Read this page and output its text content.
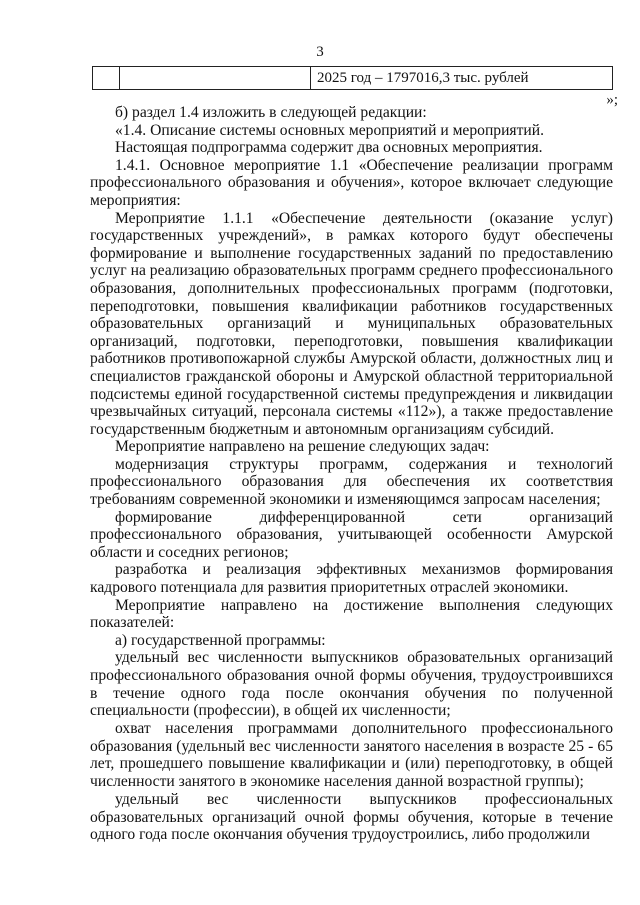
3
		2025 год – 1797016,3 тыс. рублей
»;

б) раздел 1.4 изложить в следующей редакции:

«1.4. Описание системы основных мероприятий и мероприятий.

Настоящая подпрограмма содержит два основных мероприятия.

1.4.1. Основное мероприятие 1.1 «Обеспечение реализации программ профессионального образования и обучения», которое включает следующие мероприятия:

Мероприятие 1.1.1 «Обеспечение деятельности (оказание услуг) государственных учреждений», в рамках которого будут обеспечены формирование и выполнение государственных заданий по предоставлению услуг на реализацию образовательных программ среднего профессионального образования, дополнительных профессиональных программ (подготовки, переподготовки, повышения квалификации работников государственных образовательных организаций и муниципальных образовательных организаций, подготовки, переподготовки, повышения квалификации работников противопожарной службы Амурской области, должностных лиц и специалистов гражданской обороны и Амурской областной территориальной подсистемы единой государственной системы предупреждения и ликвидации чрезвычайных ситуаций, персонала системы «112»), а также предоставление государственным бюджетным и автономным организациям субсидий.

Мероприятие направлено на решение следующих задач:

модернизация структуры программ, содержания и технологий профессионального образования для обеспечения их соответствия требованиям современной экономики и изменяющимся запросам населения;

формирование дифференцированной сети организаций профессионального образования, учитывающей особенности Амурской области и соседних регионов;

разработка и реализация эффективных механизмов формирования кадрового потенциала для развития приоритетных отраслей экономики.

Мероприятие направлено на достижение выполнения следующих показателей:

а) государственной программы:

удельный вес численности выпускников образовательных организаций профессионального образования очной формы обучения, трудоустроившихся в течение одного года после окончания обучения по полученной специальности (профессии), в общей их численности;

охват населения программами дополнительного профессионального образования (удельный вес численности занятого населения в возрасте 25 - 65 лет, прошедшего повышение квалификации и (или) переподготовку, в общей численности занятого в экономике населения данной возрастной группы);

удельный вес численности выпускников профессиональных образовательных организаций очной формы обучения, которые в течение одного года после окончания обучения трудоустроились, либо продолжили
